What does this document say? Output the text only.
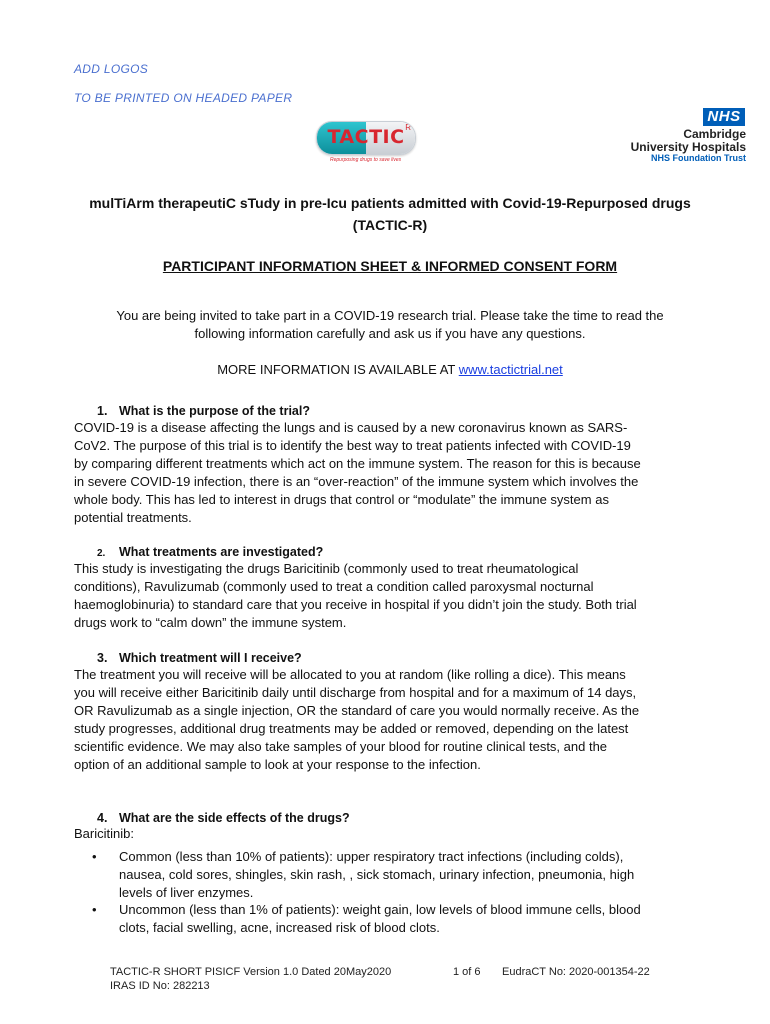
ADD LOGOS
TO BE PRINTED ON HEADED PAPER
TACTIC R
Repurposing drugs to save lives
NHS
Cambridge
University Hospitals
NHS Foundation Trust
mulTiArm therapeutiC sTudy in pre-Icu patients admitted with Covid-19-Repurposed drugs
(TACTIC-R)
PARTICIPANT INFORMATION SHEET & INFORMED CONSENT FORM
You are being invited to take part in a COVID-19 research trial. Please take the time to read the
following information carefully and ask us if you have any questions.
MORE INFORMATION IS AVAILABLE AT www.tactictrial.net
1. What is the purpose of the trial?
COVID-19 is a disease affecting the lungs and is caused by a new coronavirus known as SARS-
CoV2. The purpose of this trial is to identify the best way to treat patients infected with COVID-19
by comparing different treatments which act on the immune system. The reason for this is because
in severe COVID-19 infection, there is an “over-reaction” of the immune system which involves the
whole body. This has led to interest in drugs that control or “modulate” the immune system as
potential treatments.
2. What treatments are investigated?
This study is investigating the drugs Baricitinib (commonly used to treat rheumatological
conditions), Ravulizumab (commonly used to treat a condition called paroxysmal nocturnal
haemoglobinuria) to standard care that you receive in hospital if you didn’t join the study. Both trial
drugs work to “calm down” the immune system.
3. Which treatment will I receive?
The treatment you will receive will be allocated to you at random (like rolling a dice). This means
you will receive either Baricitinib daily until discharge from hospital and for a maximum of 14 days,
OR Ravulizumab as a single injection, OR the standard of care you would normally receive. As the
study progresses, additional drug treatments may be added or removed, depending on the latest
scientific evidence. We may also take samples of your blood for routine clinical tests, and the
option of an additional sample to look at your response to the infection.
4. What are the side effects of the drugs?
Baricitinib:
• Common (less than 10% of patients): upper respiratory tract infections (including colds),
nausea, cold sores, shingles, skin rash, , sick stomach, urinary infection, pneumonia, high
levels of liver enzymes.
• Uncommon (less than 1% of patients): weight gain, low levels of blood immune cells, blood
clots, facial swelling, acne, increased risk of blood clots.
TACTIC-R SHORT PISICF Version 1.0 Dated 20May2020	1 of 6 EudraCT No: 2020-001354-22
IRAS ID No: 282213
